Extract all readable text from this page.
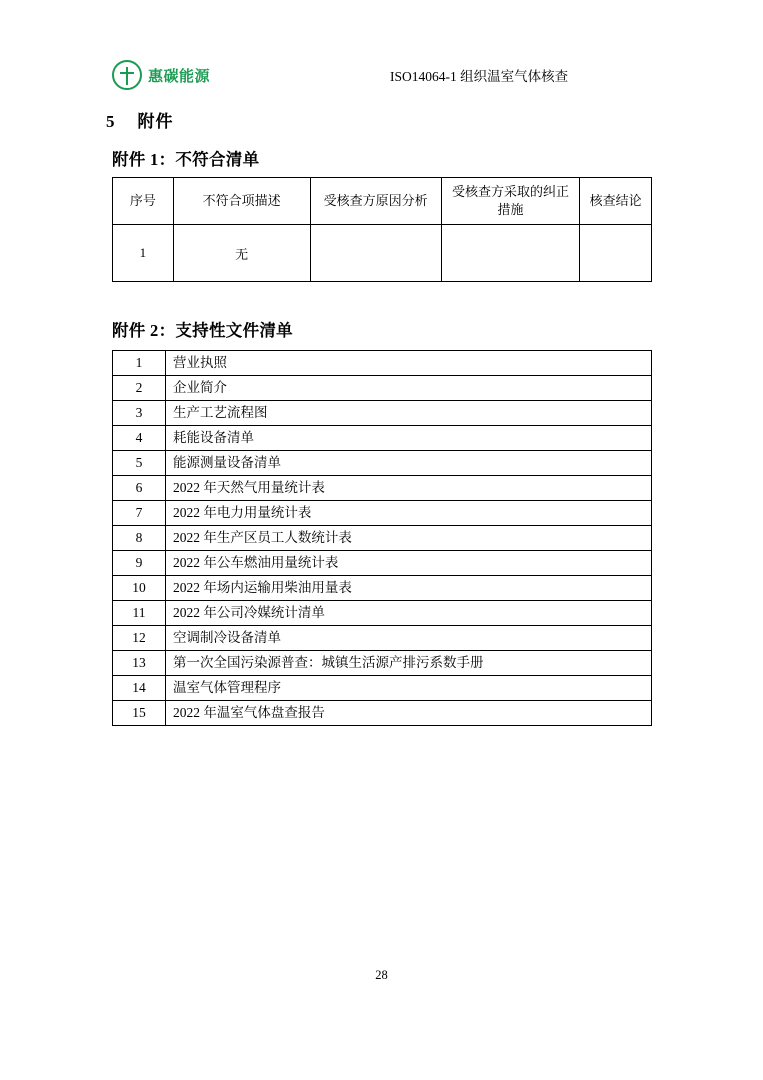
惠碳能源	ISO14064-1 组织温室气体核查
5 附件
附件 1：不符合清单
序号	不符合项描述	受核查方原因分析	受核查方采取的纠正措施	核查结论
1	无			
附件 2：支持性文件清单
1	营业执照
2	企业简介
3	生产工艺流程图
4	耗能设备清单
5	能源测量设备清单
6	2022 年天然气用量统计表
7	2022 年电力用量统计表
8	2022 年生产区员工人数统计表
9	2022 年公车燃油用量统计表
10	2022 年场内运输用柴油用量表
11	2022 年公司冷媒统计清单
12	空调制冷设备清单
13	第一次全国污染源普查：城镇生活源产排污系数手册
14	温室气体管理程序
15	2022 年温室气体盘查报告
28
